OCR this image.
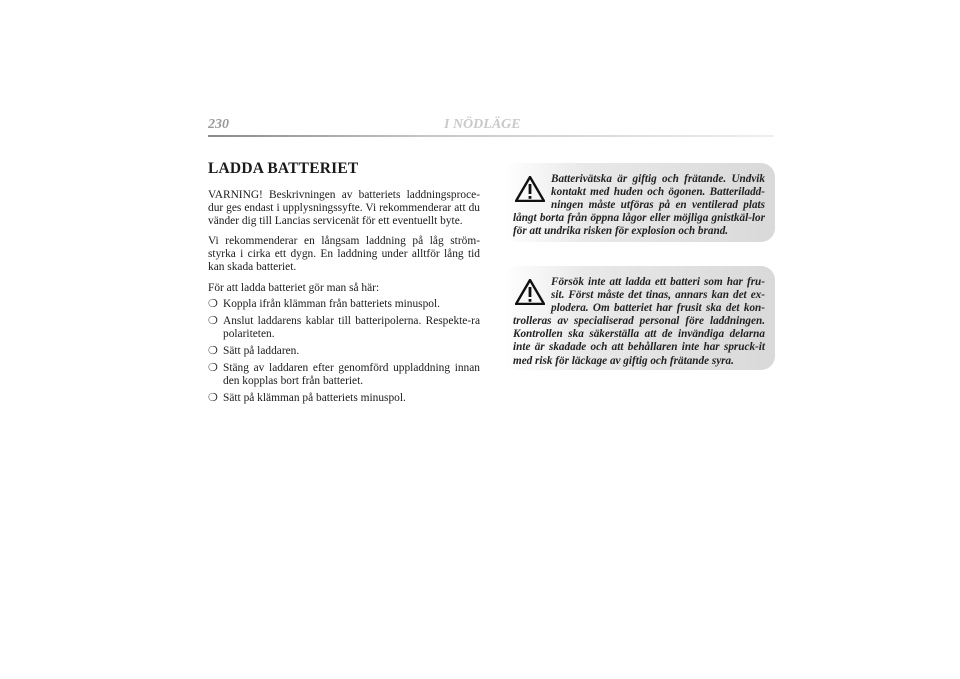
230	I NÖDLÄGE
LADDA BATTERIET

VARNING! Beskrivningen av batteriets laddningsproce-dur ges endast i upplysningssyfte. Vi rekommenderar att du vänder dig till Lancias servicenät för ett eventuellt byte.

Vi rekommenderar en långsam laddning på låg ström-styrka i cirka ett dygn. En laddning under alltför lång tid kan skada batteriet.

För att ladda batteriet gör man så här:

❍ Koppla ifrån klämman från batteriets minuspol.
❍ Anslut laddarens kablar till batteripolerna. Respekte-ra polariteten.
❍ Sätt på laddaren.
❍ Stäng av laddaren efter genomförd uppladdning innan den kopplas bort från batteriet.
❍ Sätt på klämman på batteriets minuspol.
Batterivätska är giftig och frätande. Undvik kontakt med huden och ögonen. Batteriladd-ningen måste utföras på en ventilerad plats långt borta från öppna lågor eller möjliga gnistkäl-lor för att undrika risken för explosion och brand.
Försök inte att ladda ett batteri som har fru-sit. Först måste det tinas, annars kan det ex-plodera. Om batteriet har frusit ska det kon-trolleras av specialiserad personal före laddningen. Kontrollen ska säkerställa att de invändiga delarna inte är skadade och att behållaren inte har spruck-it med risk för läckage av giftig och frätande syra.
